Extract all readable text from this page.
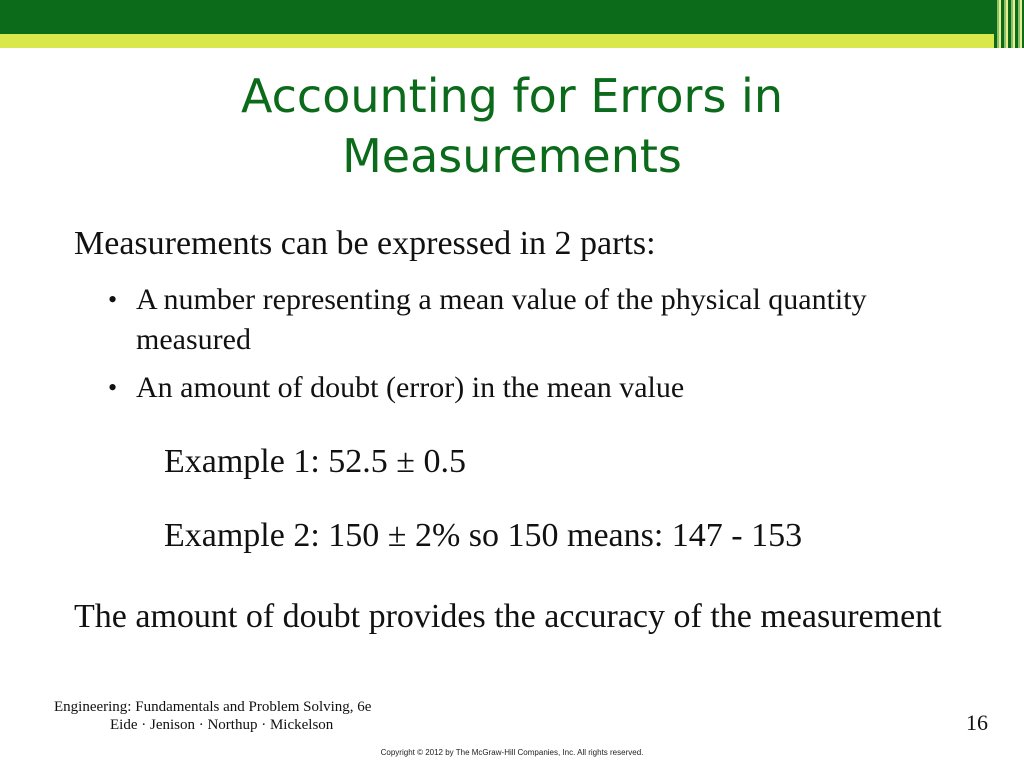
Accounting for Errors in
Measurements
Measurements can be expressed in 2 parts:
• A number representing a mean value of the physical quantity measured
• An amount of doubt (error) in the mean value
Example 1: 52.5 ± 0.5
Example 2: 150 ± 2% so 150 means: 147 - 153
The amount of doubt provides the accuracy of the measurement
Engineering: Fundamentals and Problem Solving, 6e
Eide · Jenison · Northup · Mickelson	16
Copyright © 2012 by The McGraw-Hill Companies, Inc. All rights reserved.
